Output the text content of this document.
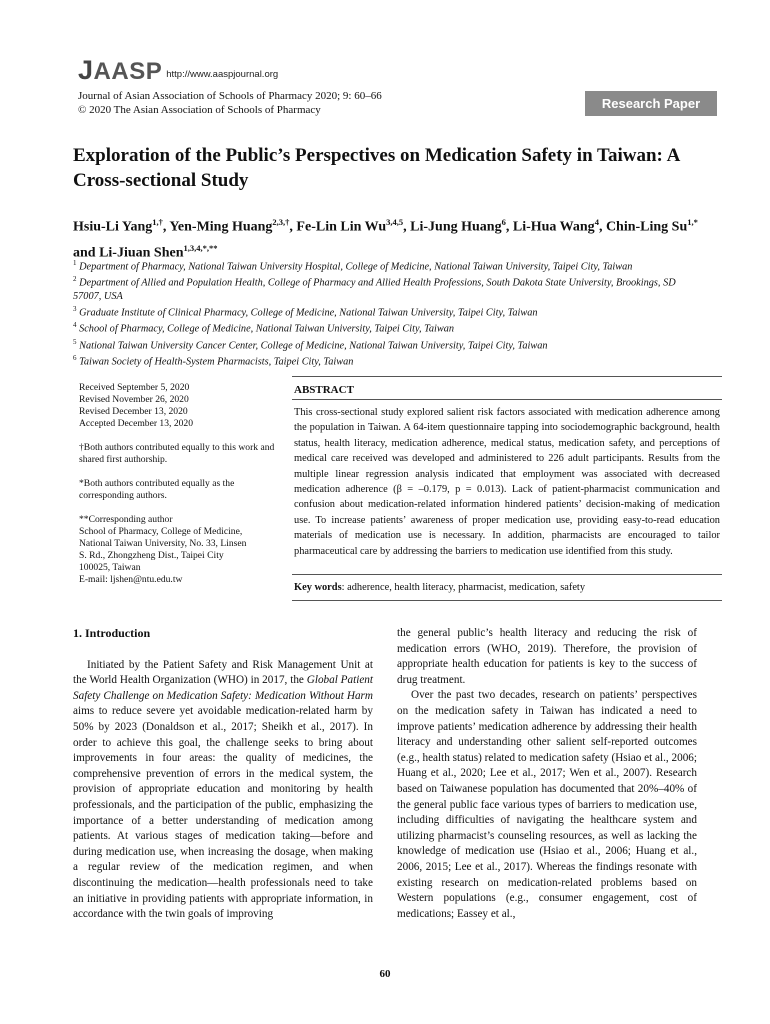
JAASP http://www.aaspjournal.org
Journal of Asian Association of Schools of Pharmacy 2020; 9: 60–66
© 2020 The Asian Association of Schools of Pharmacy	Research Paper
Exploration of the Public’s Perspectives on Medication Safety in Taiwan: A Cross-sectional Study
Hsiu-Li Yang$^{1,\dagger}$, Yen-Ming Huang$^{2,3,\dagger}$, Fe-Lin Lin Wu$^{3,4,5}$, Li-Jung Huang$^6$, Li-Hua Wang$^4$, Chin-Ling $Su^{1,*}$ and Li-Jiuan Shen$^{1,3,4,*,**}$
$^1$ Department of Pharmacy, National Taiwan University Hospital, College of Medicine, National Taiwan University, Taipei City, Taiwan
$^2$ Department of Allied and Population Health, College of Pharmacy and Allied Health Professions, South Dakota State University, Brookings, SD 57007, USA
$^3$ Graduate Institute of Clinical Pharmacy, College of Medicine, National Taiwan University, Taipei City, Taiwan
$^4$ School of Pharmacy, College of Medicine, National Taiwan University, Taipei City, Taiwan
$^5$ National Taiwan University Cancer Center, College of Medicine, National Taiwan University, Taipei City, Taiwan
$^6$ Taiwan Society of Health-System Pharmacists, Taipei City, Taiwan
Received September 5, 2020
Revised November 26, 2020
Revised December 13, 2020
Accepted December 13, 2020
†Both authors contributed equally to this work and shared first authorship.
*Both authors contributed equally as the corresponding authors.
**Corresponding author
School of Pharmacy, College of Medicine,
National Taiwan University, No. 33, Linsen
S. Rd., Zhongzheng Dist., Taipei City
100025, Taiwan
E-mail: ljshen@ntu.edu.tw
ABSTRACT
This cross-sectional study explored salient risk factors associated with medication adherence among the population in Taiwan. A 64-item questionnaire tapping into sociodemographic background, health status, health literacy, medication adherence, medical status, medication safety, and perceptions of medical care received was developed and administered to 226 adult participants. Results from the multiple linear regression analysis indicated that employment was associated with decreased medication adherence (β = –0.179, p = 0.013). Lack of patient-pharmacist communication and confusion about medication-related information hindered patients’ decision-making of medication use. To increase patients’ awareness of proper medication use, providing easy-to-read education materials of medication use is necessary. In addition, pharmacists are encouraged to tailor pharmaceutical care by addressing the barriers to medication use identified from this study.
Key words: adherence, health literacy, pharmacist, medication, safety
1. Introduction
Initiated by the Patient Safety and Risk Management Unit at the World Health Organization (WHO) in 2017, the Global Patient Safety Challenge on Medication Safety: Medication Without Harm aims to reduce severe yet avoidable medication-related harm by 50% by 2023 (Donaldson et al., 2017; Sheikh et al., 2017). In order to achieve this goal, the challenge seeks to bring about improvements in four areas: the quality of medicines, the comprehensive prevention of errors in the medical system, the provision of appropriate education and monitoring by health professionals, and the participation of the public, emphasizing the importance of a better understanding of medication among patients. At various stages of medication taking—before and during medication use, when increasing the dosage, when making a regular review of the medication regimen, and when discontinuing the medication—health professionals need to take an initiative in providing patients with appropriate information, in accordance with the twin goals of improving
the general public’s health literacy and reducing the risk of medication errors (WHO, 2019). Therefore, the provision of appropriate health education for patients is key to the success of drug treatment.
Over the past two decades, research on patients’ perspectives on the medication safety in Taiwan has indicated a need to improve patients’ medication adherence by addressing their health literacy and understanding other salient self-reported outcomes (e.g., health status) related to medication safety (Hsiao et al., 2006; Huang et al., 2020; Lee et al., 2017; Wen et al., 2007). Research based on Taiwanese population has documented that 20%–40% of the general public face various types of barriers to medication use, including difficulties of navigating the healthcare system and utilizing pharmacist’s counseling resources, as well as lacking the knowledge of medication use (Hsiao et al., 2006; Huang et al., 2006, 2015; Lee et al., 2017). Whereas the findings resonate with existing research on medication-related problems based on Western populations (e.g., consumer engagement, cost of medications; Eassey et al.,
60
